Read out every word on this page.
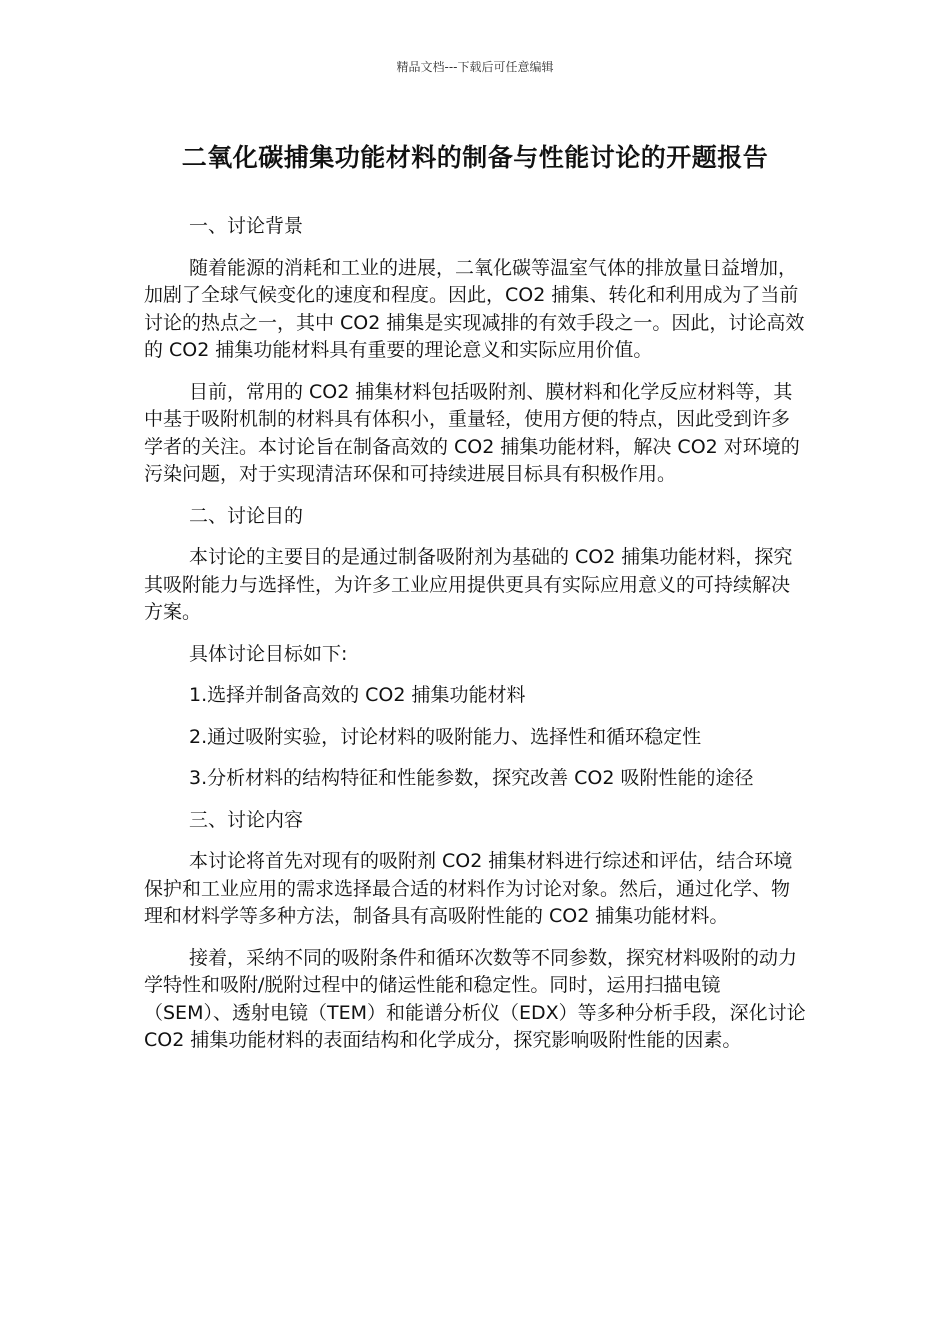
精品文档---下载后可任意编辑
二氧化碳捕集功能材料的制备与性能讨论的开题报告

一、讨论背景

随着能源的消耗和工业的进展，二氧化碳等温室气体的排放量日益增加，加剧了全球气候变化的速度和程度。因此，CO2 捕集、转化和利用成为了当前讨论的热点之一，其中 CO2 捕集是实现减排的有效手段之一。因此，讨论高效的 CO2 捕集功能材料具有重要的理论意义和实际应用价值。

目前，常用的 CO2 捕集材料包括吸附剂、膜材料和化学反应材料等，其中基于吸附机制的材料具有体积小，重量轻，使用方便的特点，因此受到许多学者的关注。本讨论旨在制备高效的 CO2 捕集功能材料，解决 CO2 对环境的污染问题，对于实现清洁环保和可持续进展目标具有积极作用。

二、讨论目的

本讨论的主要目的是通过制备吸附剂为基础的 CO2 捕集功能材料，探究其吸附能力与选择性，为许多工业应用提供更具有实际应用意义的可持续解决方案。

具体讨论目标如下:

1.选择并制备高效的 CO2 捕集功能材料

2.通过吸附实验，讨论材料的吸附能力、选择性和循环稳定性

3.分析材料的结构特征和性能参数，探究改善 CO2 吸附性能的途径

三、讨论内容

本讨论将首先对现有的吸附剂 CO2 捕集材料进行综述和评估，结合环境保护和工业应用的需求选择最合适的材料作为讨论对象。然后，通过化学、物理和材料学等多种方法，制备具有高吸附性能的 CO2 捕集功能材料。

接着，采纳不同的吸附条件和循环次数等不同参数，探究材料吸附的动力学特性和吸附/脱附过程中的储运性能和稳定性。同时，运用扫描电镜（SEM）、透射电镜（TEM）和能谱分析仪（EDX）等多种分析手段，深化讨论 CO2 捕集功能材料的表面结构和化学成分，探究影响吸附性能的因素。
